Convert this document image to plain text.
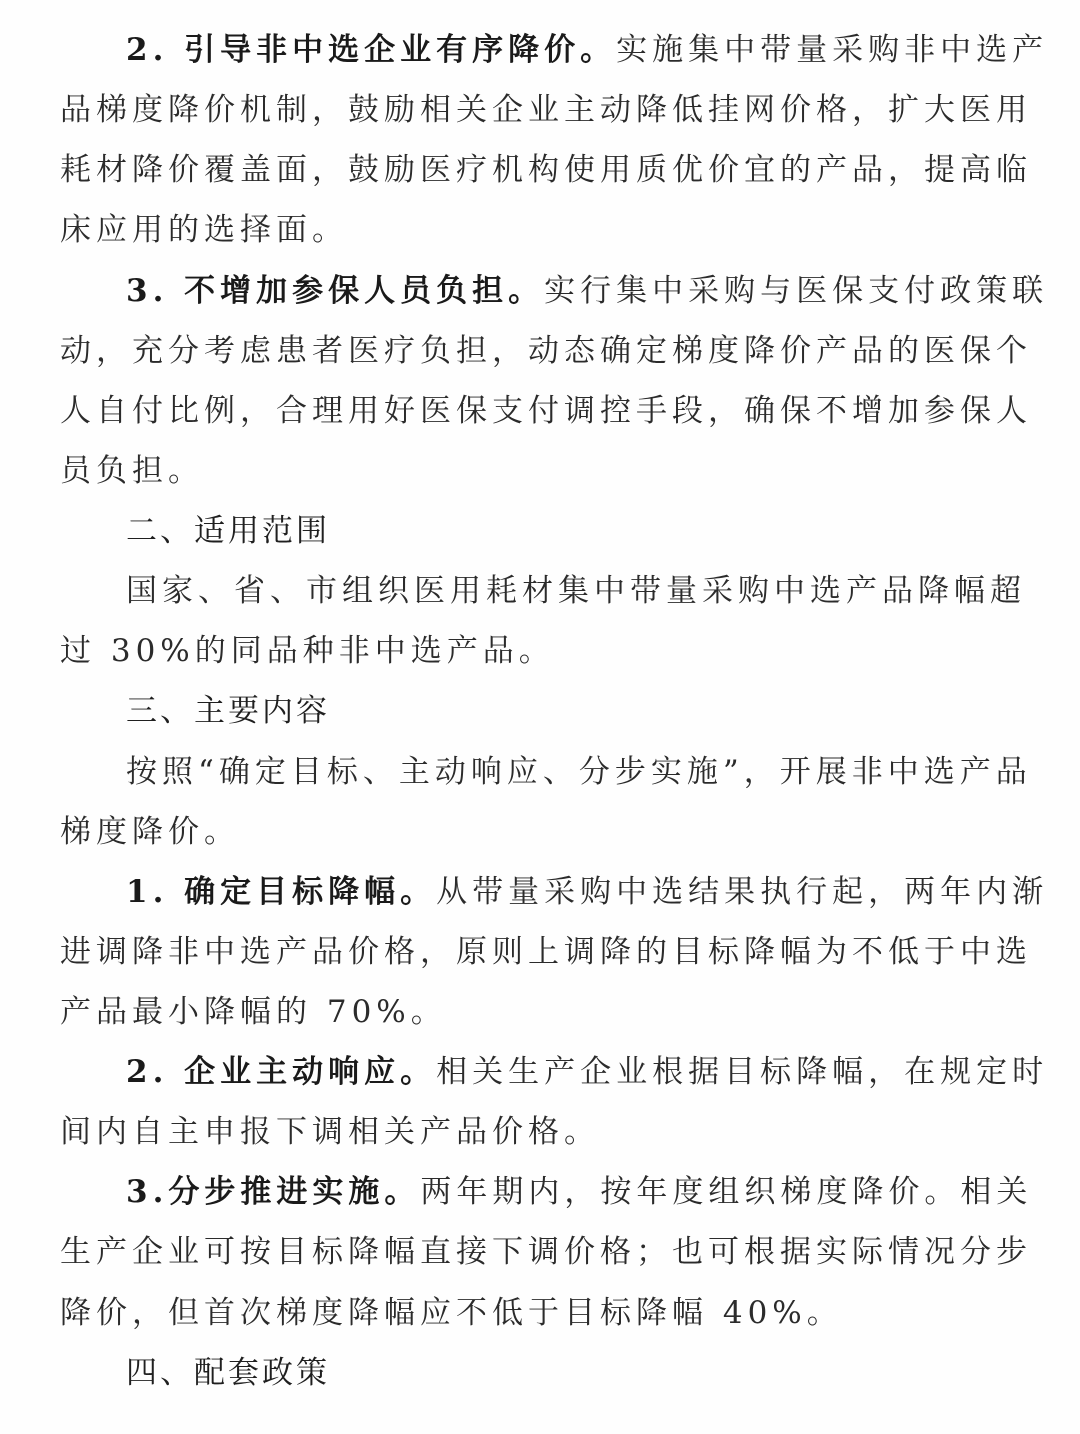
2. 引导非中选企业有序降价。实施集中带量采购非中选产
品梯度降价机制，鼓励相关企业主动降低挂网价格，扩大医用
耗材降价覆盖面，鼓励医疗机构使用质优价宜的产品，提高临
床应用的选择面。
3. 不增加参保人员负担。实行集中采购与医保支付政策联
动，充分考虑患者医疗负担，动态确定梯度降价产品的医保个
人自付比例，合理用好医保支付调控手段，确保不增加参保人
员负担。
二、适用范围
国家、省、市组织医用耗材集中带量采购中选产品降幅超
过 30%的同品种非中选产品。
三、主要内容
按照“确定目标、主动响应、分步实施”，开展非中选产品
梯度降价。
1. 确定目标降幅。从带量采购中选结果执行起，两年内渐
进调降非中选产品价格，原则上调降的目标降幅为不低于中选
产品最小降幅的 70%。
2. 企业主动响应。相关生产企业根据目标降幅，在规定时
间内自主申报下调相关产品价格。
3.分步推进实施。两年期内，按年度组织梯度降价。相关
生产企业可按目标降幅直接下调价格；也可根据实际情况分步
降价，但首次梯度降幅应不低于目标降幅 40%。
四、配套政策
